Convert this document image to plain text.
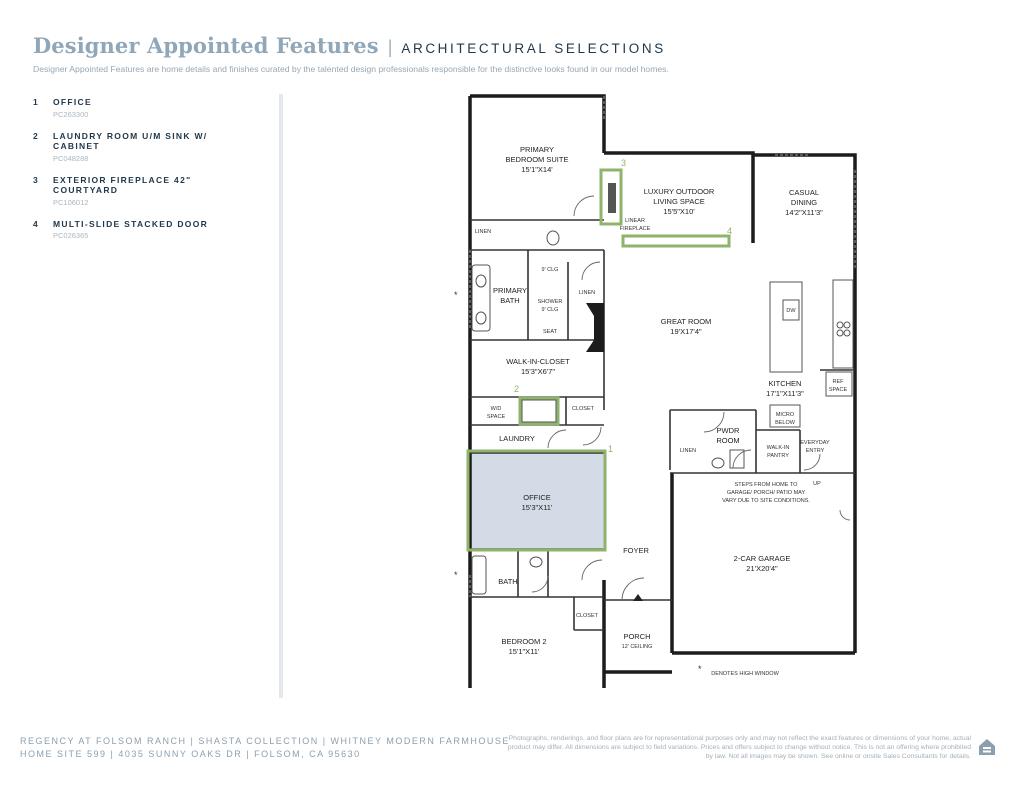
Designer Appointed Features | ARCHITECTURAL SELECTIONS
Designer Appointed Features are home details and finishes curated by the talented design professionals responsible for the distinctive looks found in our model homes.
1 OFFICE
PC263300
2 LAUNDRY ROOM U/M SINK W/ CABINET
PC048288
3 EXTERIOR FIREPLACE 42" COURTYARD
PC106012
4 MULTI-SLIDE STACKED DOOR
PC026365
1
2
3
4
PRIMARY
BEDROOM SUITE
15'1"X14'
LUXURY OUTDOOR
LIVING SPACE
15'5"X10'
CASUAL
DINING
14'2"X11'3"
GREAT ROOM
19'X17'4"
KITCHEN
17'1"X11'3"
PRIMARY
BATH
WALK-IN-CLOSET
15'3"X6'7"
LAUNDRY
OFFICE
15'3"X11'
PWDR
ROOM
2-CAR GARAGE
21'X20'4"
FOYER
BATH
BEDROOM 2
15'1"X11'
PORCH
LINEN
9' CLG
SHOWER
9' CLG
SEAT
LINEN
W/D
SPACE
CLOSET
LINEAR
FIREPLACE
DW
REF
SPACE
MICRO
BELOW
WALK-IN
PANTRY
EVERYDAY
ENTRY
LINEN
UP
CLOSET
12' CEILING
STEPS FROM HOME TO
GARAGE/ PORCH/ PATIO MAY
VARY DUE TO SITE CONDITIONS.
DENOTES HIGH WINDOW
*
*
*
REGENCY AT FOLSOM RANCH | SHASTA COLLECTION | WHITNEY MODERN FARMHOUSE
HOME SITE 599 | 4035 SUNNY OAKS DR | FOLSOM, CA 95630
Photographs, renderings, and floor plans are for representational purposes only and may not reflect the exact features or dimensions of your home, actual product may differ. All dimensions are subject to field variations. Prices and offers subject to change without notice. This is not an offering where prohibited by law. Not all images may be shown. See online or onsite Sales Consultants for details.
